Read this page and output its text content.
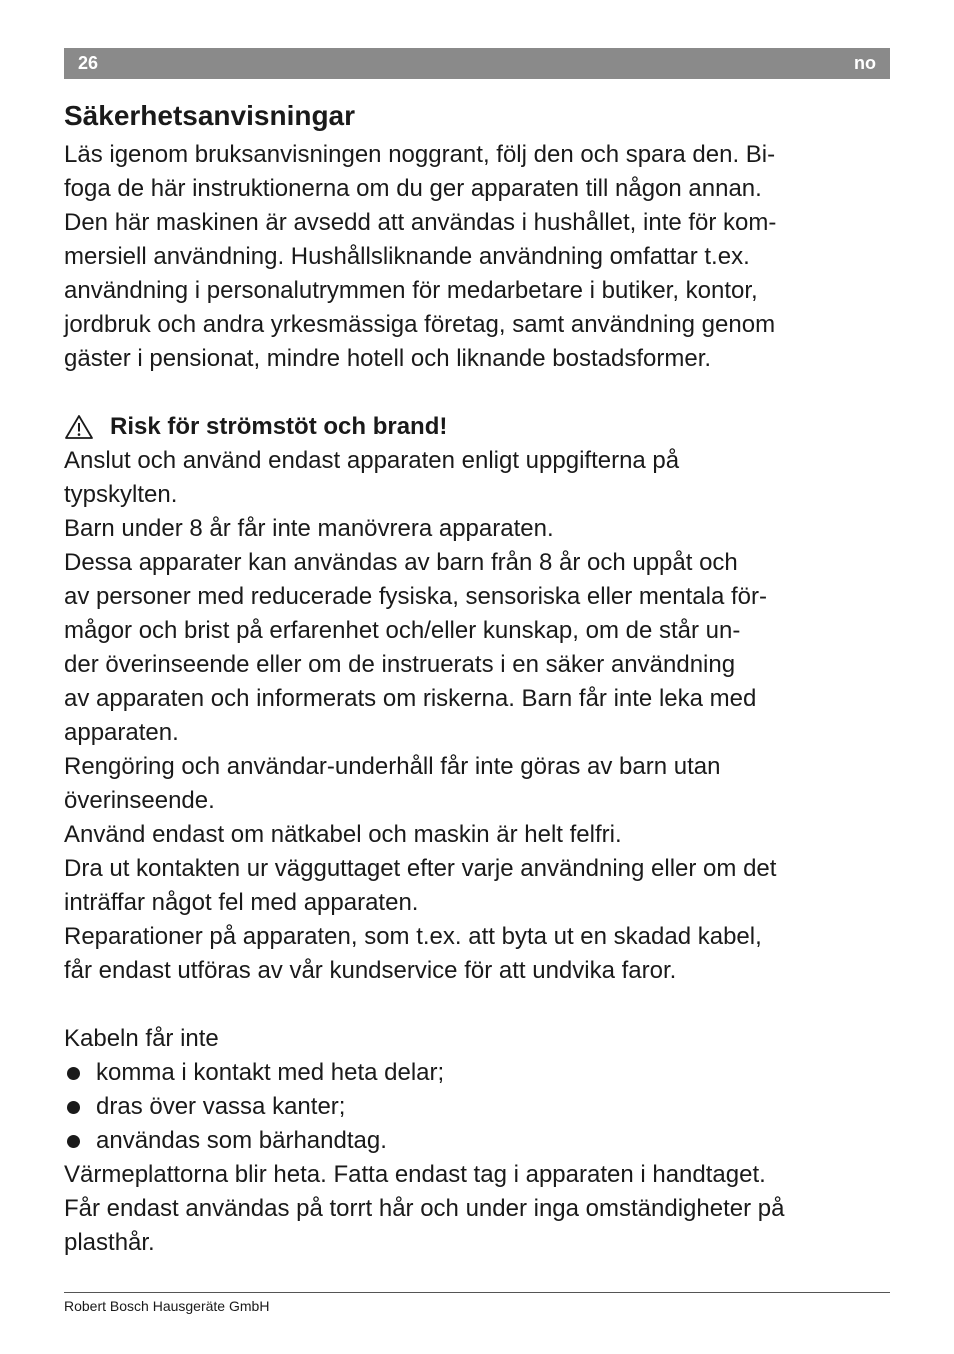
26	no
Säkerhetsanvisningar
Läs igenom bruksanvisningen noggrant, följ den och spara den. Bi-
foga de här instruktionerna om du ger apparaten till någon annan.
Den här maskinen är avsedd att användas i hushållet, inte för kom-
mersiell användning. Hushållsliknande användning omfattar t.ex.
användning i personalutrymmen för medarbetare i butiker, kontor,
jordbruk och andra yrkesmässiga företag, samt användning genom
gäster i pensionat, mindre hotell och liknande bostadsformer.
Risk för strömstöt och brand!
Anslut och använd endast apparaten enligt uppgifterna på
typskylten.
Barn under 8 år får inte manövrera apparaten.
Dessa apparater kan användas av barn från 8 år och uppåt och
av personer med reducerade fysiska, sensoriska eller mentala för-
mågor och brist på erfarenhet och/eller kunskap, om de står un-
der överinseende eller om de instruerats i en säker användning
av apparaten och informerats om riskerna. Barn får inte leka med
apparaten.
Rengöring och användar-underhåll får inte göras av barn utan
överinseende.
Använd endast om nätkabel och maskin är helt felfri.
Dra ut kontakten ur vägguttaget efter varje användning eller om det
inträffar något fel med apparaten.
Reparationer på apparaten, som t.ex. att byta ut en skadad kabel,
får endast utföras av vår kundservice för att undvika faror.
Kabeln får inte
komma i kontakt med heta delar;
dras över vassa kanter;
användas som bärhandtag.
Värmeplattorna blir heta. Fatta endast tag i apparaten i handtaget.
Får endast användas på torrt hår och under inga omständigheter på
plasthår.
Robert Bosch Hausgeräte GmbH
